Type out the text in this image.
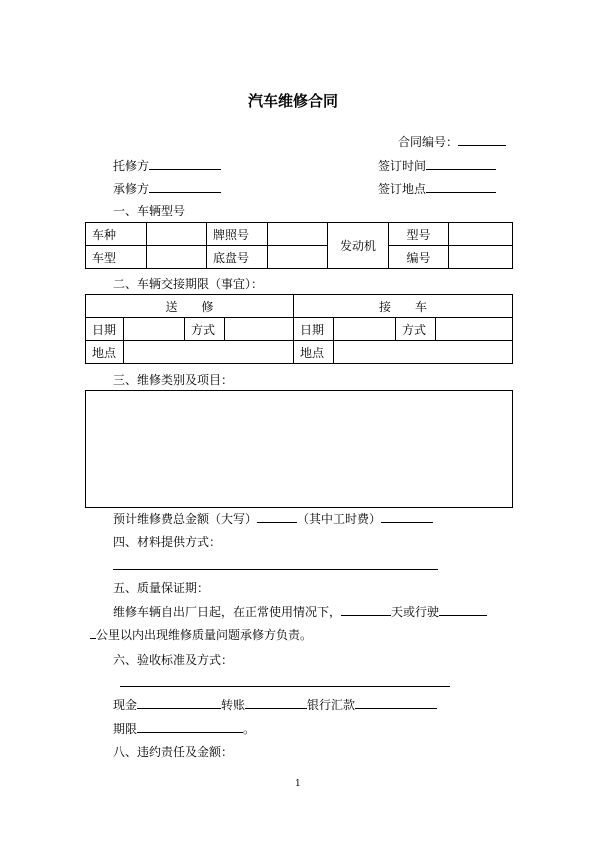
汽车维修合同
合同编号：
托修方	签订时间
承修方	签订地点
一、车辆型号
车种		牌照号		发动机	型号	
车型		底盘号			编号	
二、车辆交接期限（事宜）：
送　　修				接　　车			
日期		方式		日期		方式	
地点				地点			
三、维修类别及项目：
预计维修费总金额（大写）	（其中工时费）
四、材料提供方式：
五、质量保证期：
维修车辆自出厂日起，在正常使用情况下，	天或行驶
公里以内出现维修质量问题承修方负责。
六、验收标准及方式：
现金	转账	银行汇款
期限	。
八、违约责任及金额：
1
